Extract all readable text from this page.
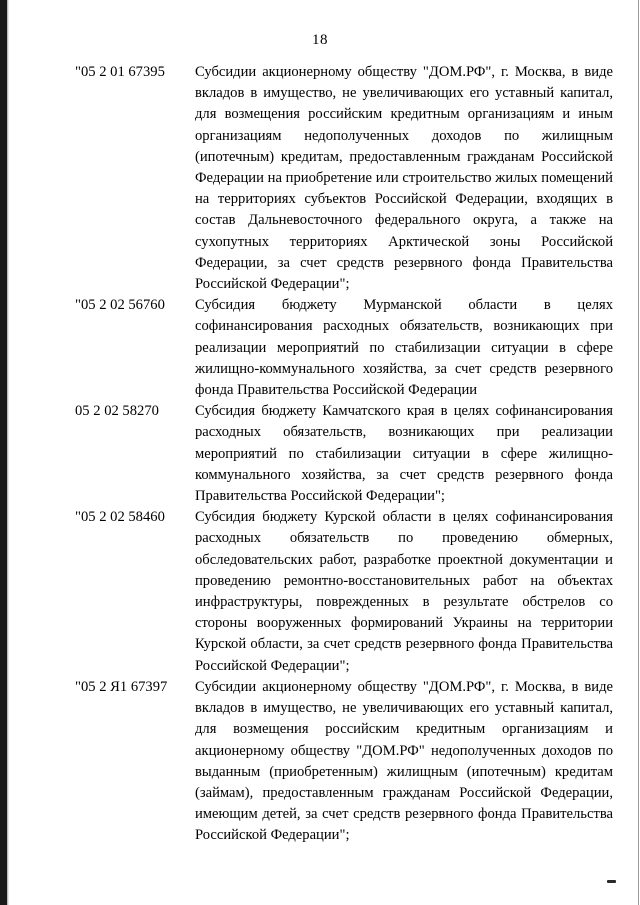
18
"05 2 01 67395	Субсидии акционерному обществу "ДОМ.РФ", г. Москва, в виде вкладов в имущество, не увеличивающих его уставный капитал, для возмещения российским кредитным организациям и иным организациям недополученных доходов по жилищным (ипотечным) кредитам, предоставленным гражданам Российской Федерации на приобретение или строительство жилых помещений на территориях субъектов Российской Федерации, входящих в состав Дальневосточного федерального округа, а также на сухопутных территориях Арктической зоны Российской Федерации, за счет средств резервного фонда Правительства Российской Федерации";
"05 2 02 56760	Субсидия бюджету Мурманской области в целях софинансирования расходных обязательств, возникающих при реализации мероприятий по стабилизации ситуации в сфере жилищно-коммунального хозяйства, за счет средств резервного фонда Правительства Российской Федерации
05 2 02 58270	Субсидия бюджету Камчатского края в целях софинансирования расходных обязательств, возникающих при реализации мероприятий по стабилизации ситуации в сфере жилищно-коммунального хозяйства, за счет средств резервного фонда Правительства Российской Федерации";
"05 2 02 58460	Субсидия бюджету Курской области в целях софинансирования расходных обязательств по проведению обмерных, обследовательских работ, разработке проектной документации и проведению ремонтно-восстановительных работ на объектах инфраструктуры, поврежденных в результате обстрелов со стороны вооруженных формирований Украины на территории Курской области, за счет средств резервного фонда Правительства Российской Федерации";
"05 2 Я1 67397	Субсидии акционерному обществу "ДОМ.РФ", г. Москва, в виде вкладов в имущество, не увеличивающих его уставный капитал, для возмещения российским кредитным организациям и акционерному обществу "ДОМ.РФ" недополученных доходов по выданным (приобретенным) жилищным (ипотечным) кредитам (займам), предоставленным гражданам Российской Федерации, имеющим детей, за счет средств резервного фонда Правительства Российской Федерации";
